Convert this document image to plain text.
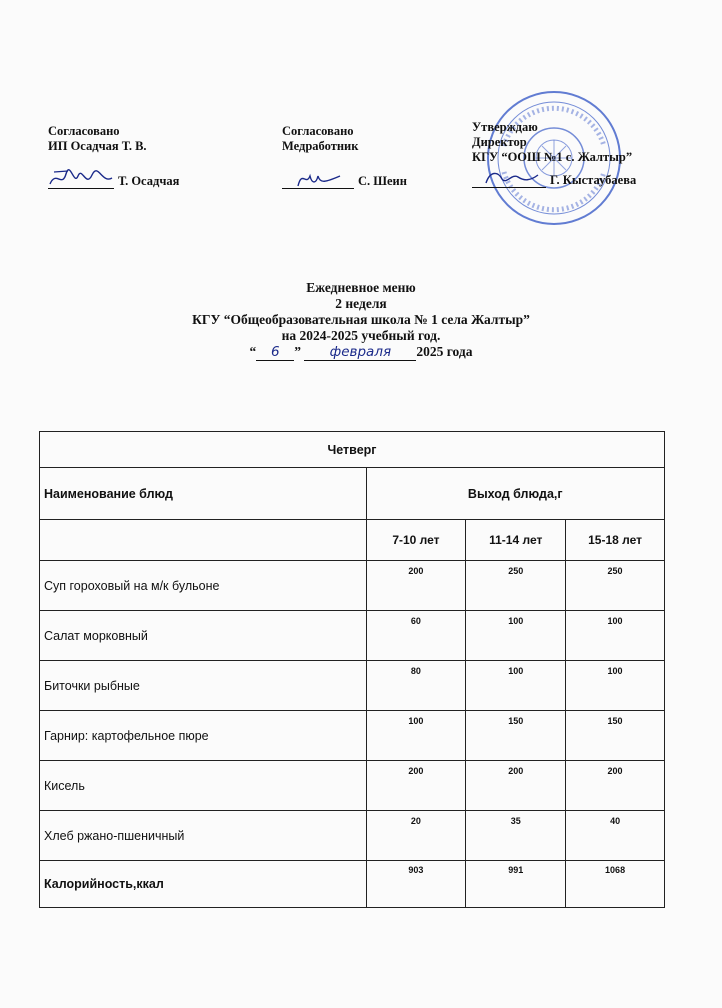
Согласовано
ИП Осадчая Т. В.
Т. Осадчая
Согласовано
Медработник
С. Шеин
Утверждаю
Директор
КГУ “ООШ №1 с. Жалтыр”
Г. Кыстаубаева
Ежедневное меню
2 неделя
КГУ “Общеобразовательная школа № 1 села Жалтыр”
на 2024-2025 учебный год.
“ 6 ” февраля 2025 года
Четверг			
Наименование блюд	Выход блюда,г		
	7-10 лет	11-14 лет	15-18 лет
Суп гороховый на м/к бульоне	200	250	250
Салат морковный	60	100	100
Биточки рыбные	80	100	100
Гарнир: картофельное пюре	100	150	150
Кисель	200	200	200
Хлеб ржано-пшеничный	20	35	40
Калорийность,ккал	903	991	1068
